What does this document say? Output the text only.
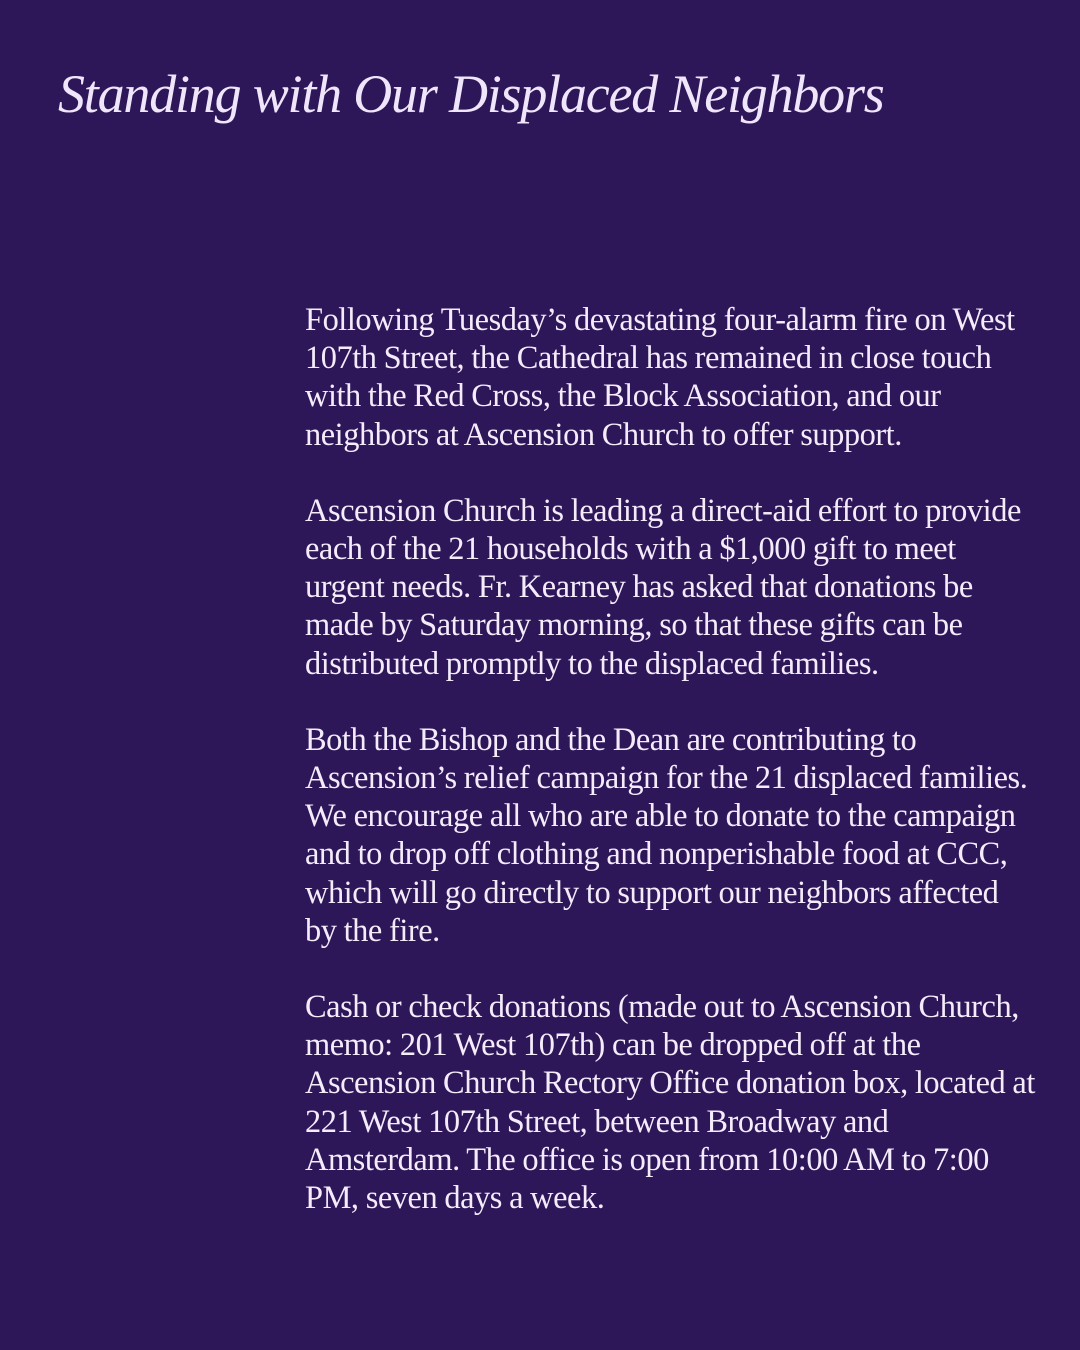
Standing with Our Displaced Neighbors

Following Tuesday’s devastating four-alarm fire on West 107th Street, the Cathedral has remained in close touch with the Red Cross, the Block Association, and our neighbors at Ascension Church to offer support.

Ascension Church is leading a direct-aid effort to provide each of the 21 households with a $1,000 gift to meet urgent needs. Fr. Kearney has asked that donations be made by Saturday morning, so that these gifts can be distributed promptly to the displaced families.

Both the Bishop and the Dean are contributing to Ascension’s relief campaign for the 21 displaced families. We encourage all who are able to donate to the campaign and to drop off clothing and nonperishable food at CCC, which will go directly to support our neighbors affected by the fire.

Cash or check donations (made out to Ascension Church, memo: 201 West 107th) can be dropped off at the Ascension Church Rectory Office donation box, located at 221 West 107th Street, between Broadway and Amsterdam. The office is open from 10:00 AM to 7:00 PM, seven days a week.
